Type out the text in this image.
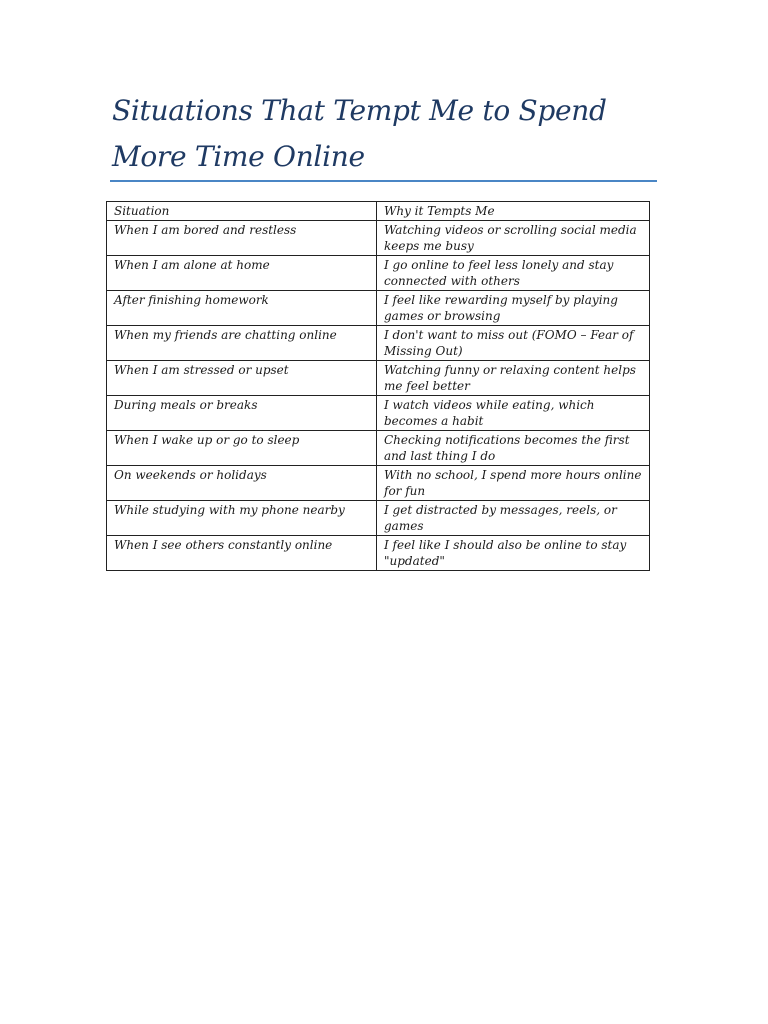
Situations That Tempt Me to Spend More Time Online
Situation	Why it Tempts Me
When I am bored and restless	Watching videos or scrolling social media keeps me busy
When I am alone at home	I go online to feel less lonely and stay connected with others
After finishing homework	I feel like rewarding myself by playing games or browsing
When my friends are chatting online	I don't want to miss out (FOMO – Fear of Missing Out)
When I am stressed or upset	Watching funny or relaxing content helps me feel better
During meals or breaks	I watch videos while eating, which becomes a habit
When I wake up or go to sleep	Checking notifications becomes the first and last thing I do
On weekends or holidays	With no school, I spend more hours online for fun
While studying with my phone nearby	I get distracted by messages, reels, or games
When I see others constantly online	I feel like I should also be online to stay "updated"
